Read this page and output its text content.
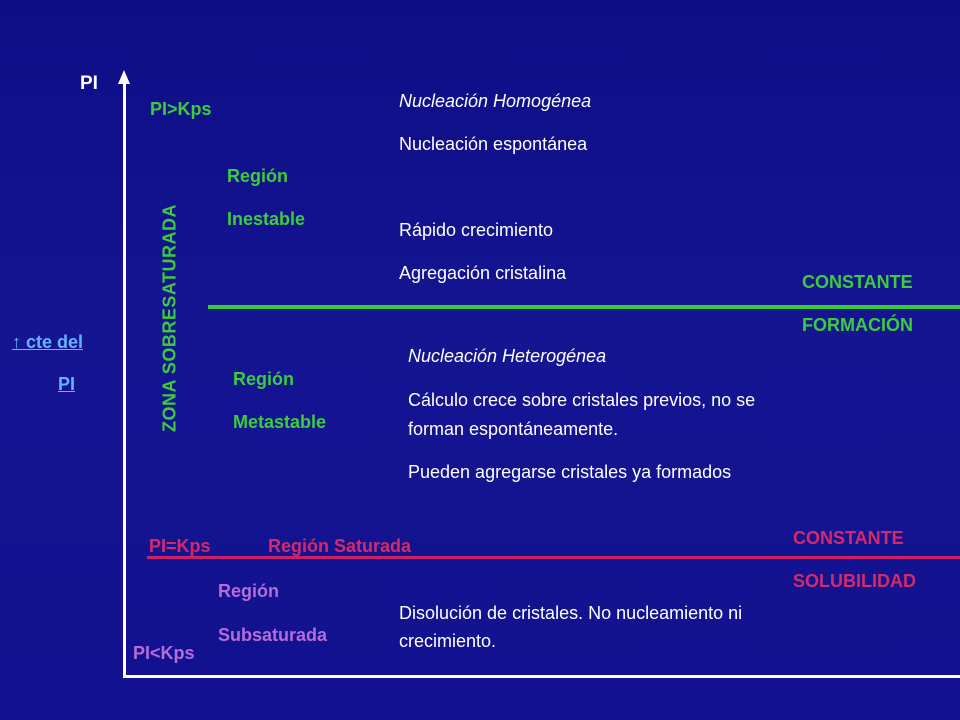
PI
↑ cte del
PI	ZONA SOBRESATURADA
PI>Kps
Región
Inestable
Nucleación Homogénea
Nucleación espontánea
Rápido crecimiento
Agregación cristalina	CONSTANTE
FORMACIÓN
Región
Metastable
Nucleación Heterogénea
Cálculo crece sobre cristales previos, no se
forman espontáneamente.
Pueden agregarse cristales ya formados
CONSTANTE
SOLUBILIDAD
PI=Kps	Región Saturada
Región
Subsaturada
PI<Kps
Disolución de cristales. No nucleamiento ni
crecimiento.
